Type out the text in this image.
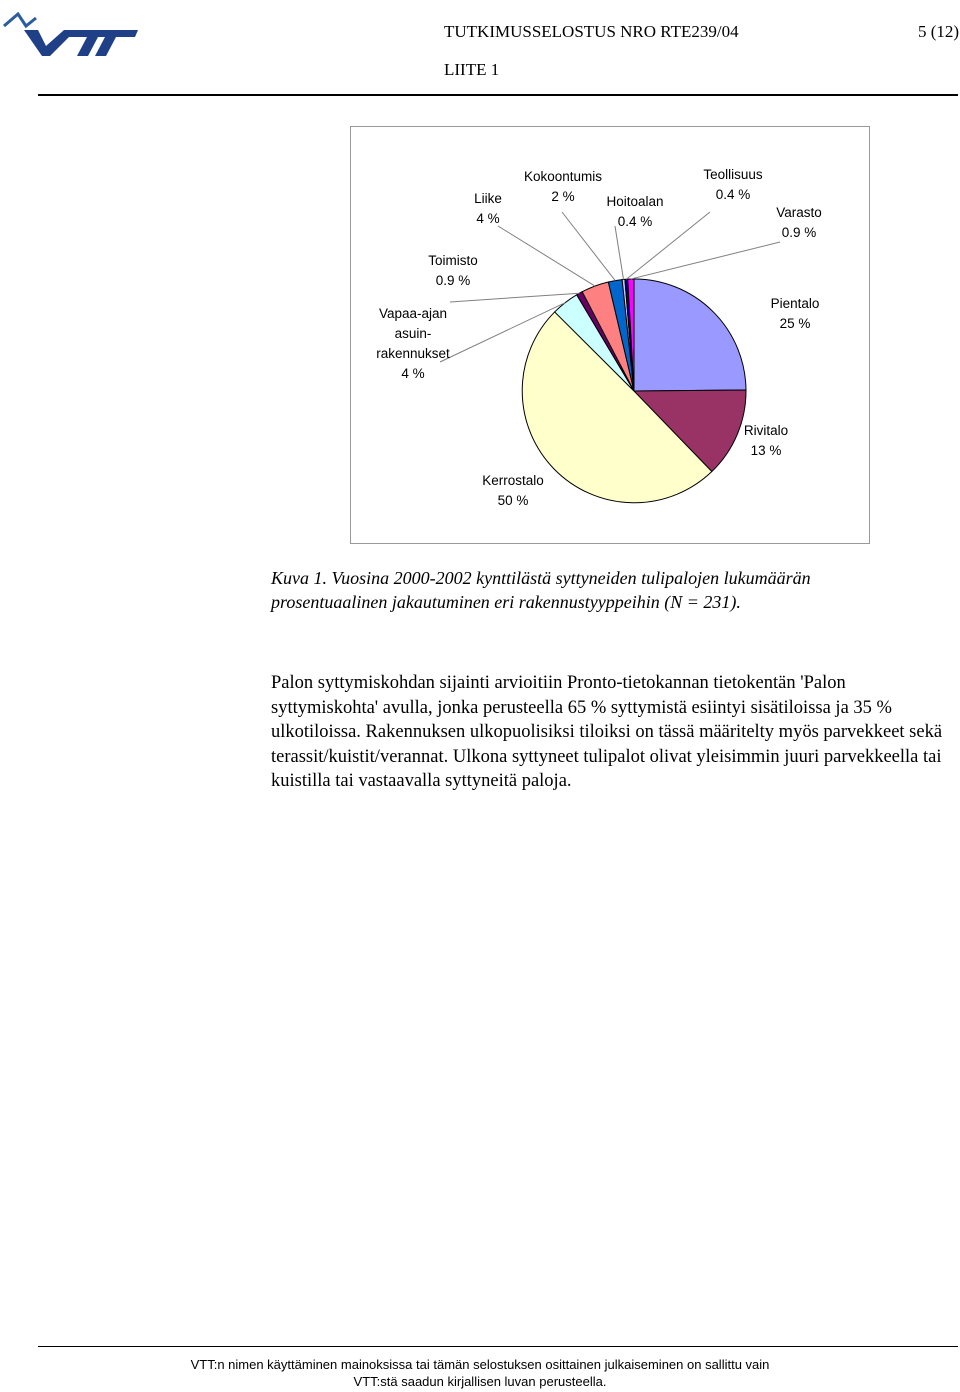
TUTKIMUSSELOSTUS NRO RTE239/04	5 (12)
LIITE 1
Pientalo 25 %
Rivitalo 13 %
Kerrostalo 50 %
Vapaa-ajan asuin-rakennukset 4 %
Toimisto 0.9 %
Liike 4 %
Kokoontumis 2 %	Hoitoalan 0.4 %
Teollisuus 0.4 %
Varasto 0.9 %
Kuva 1. Vuosina 2000-2002 kynttilästä syttyneiden tulipalojen lukumäärän prosentuaalinen jakautuminen eri rakennustyyppeihin (N = 231).
Palon syttymiskohdan sijainti arvioitiin Pronto-tietokannan tietokentän 'Palon syttymiskohta' avulla, jonka perusteella 65 % syttymistä esiintyi sisätiloissa ja 35 % ulkotiloissa. Rakennuksen ulkopuolisiksi tiloiksi on tässä määritelty myös parvekkeet sekä terassit/kuistit/verannat. Ulkona syttyneet tulipalot olivat yleisimmin juuri parvekkeella tai kuistilla tai vastaavalla syttyneitä paloja.
VTT:n nimen käyttäminen mainoksissa tai tämän selostuksen osittainen julkaiseminen on sallittu vain
VTT:stä saadun kirjallisen luvan perusteella.
